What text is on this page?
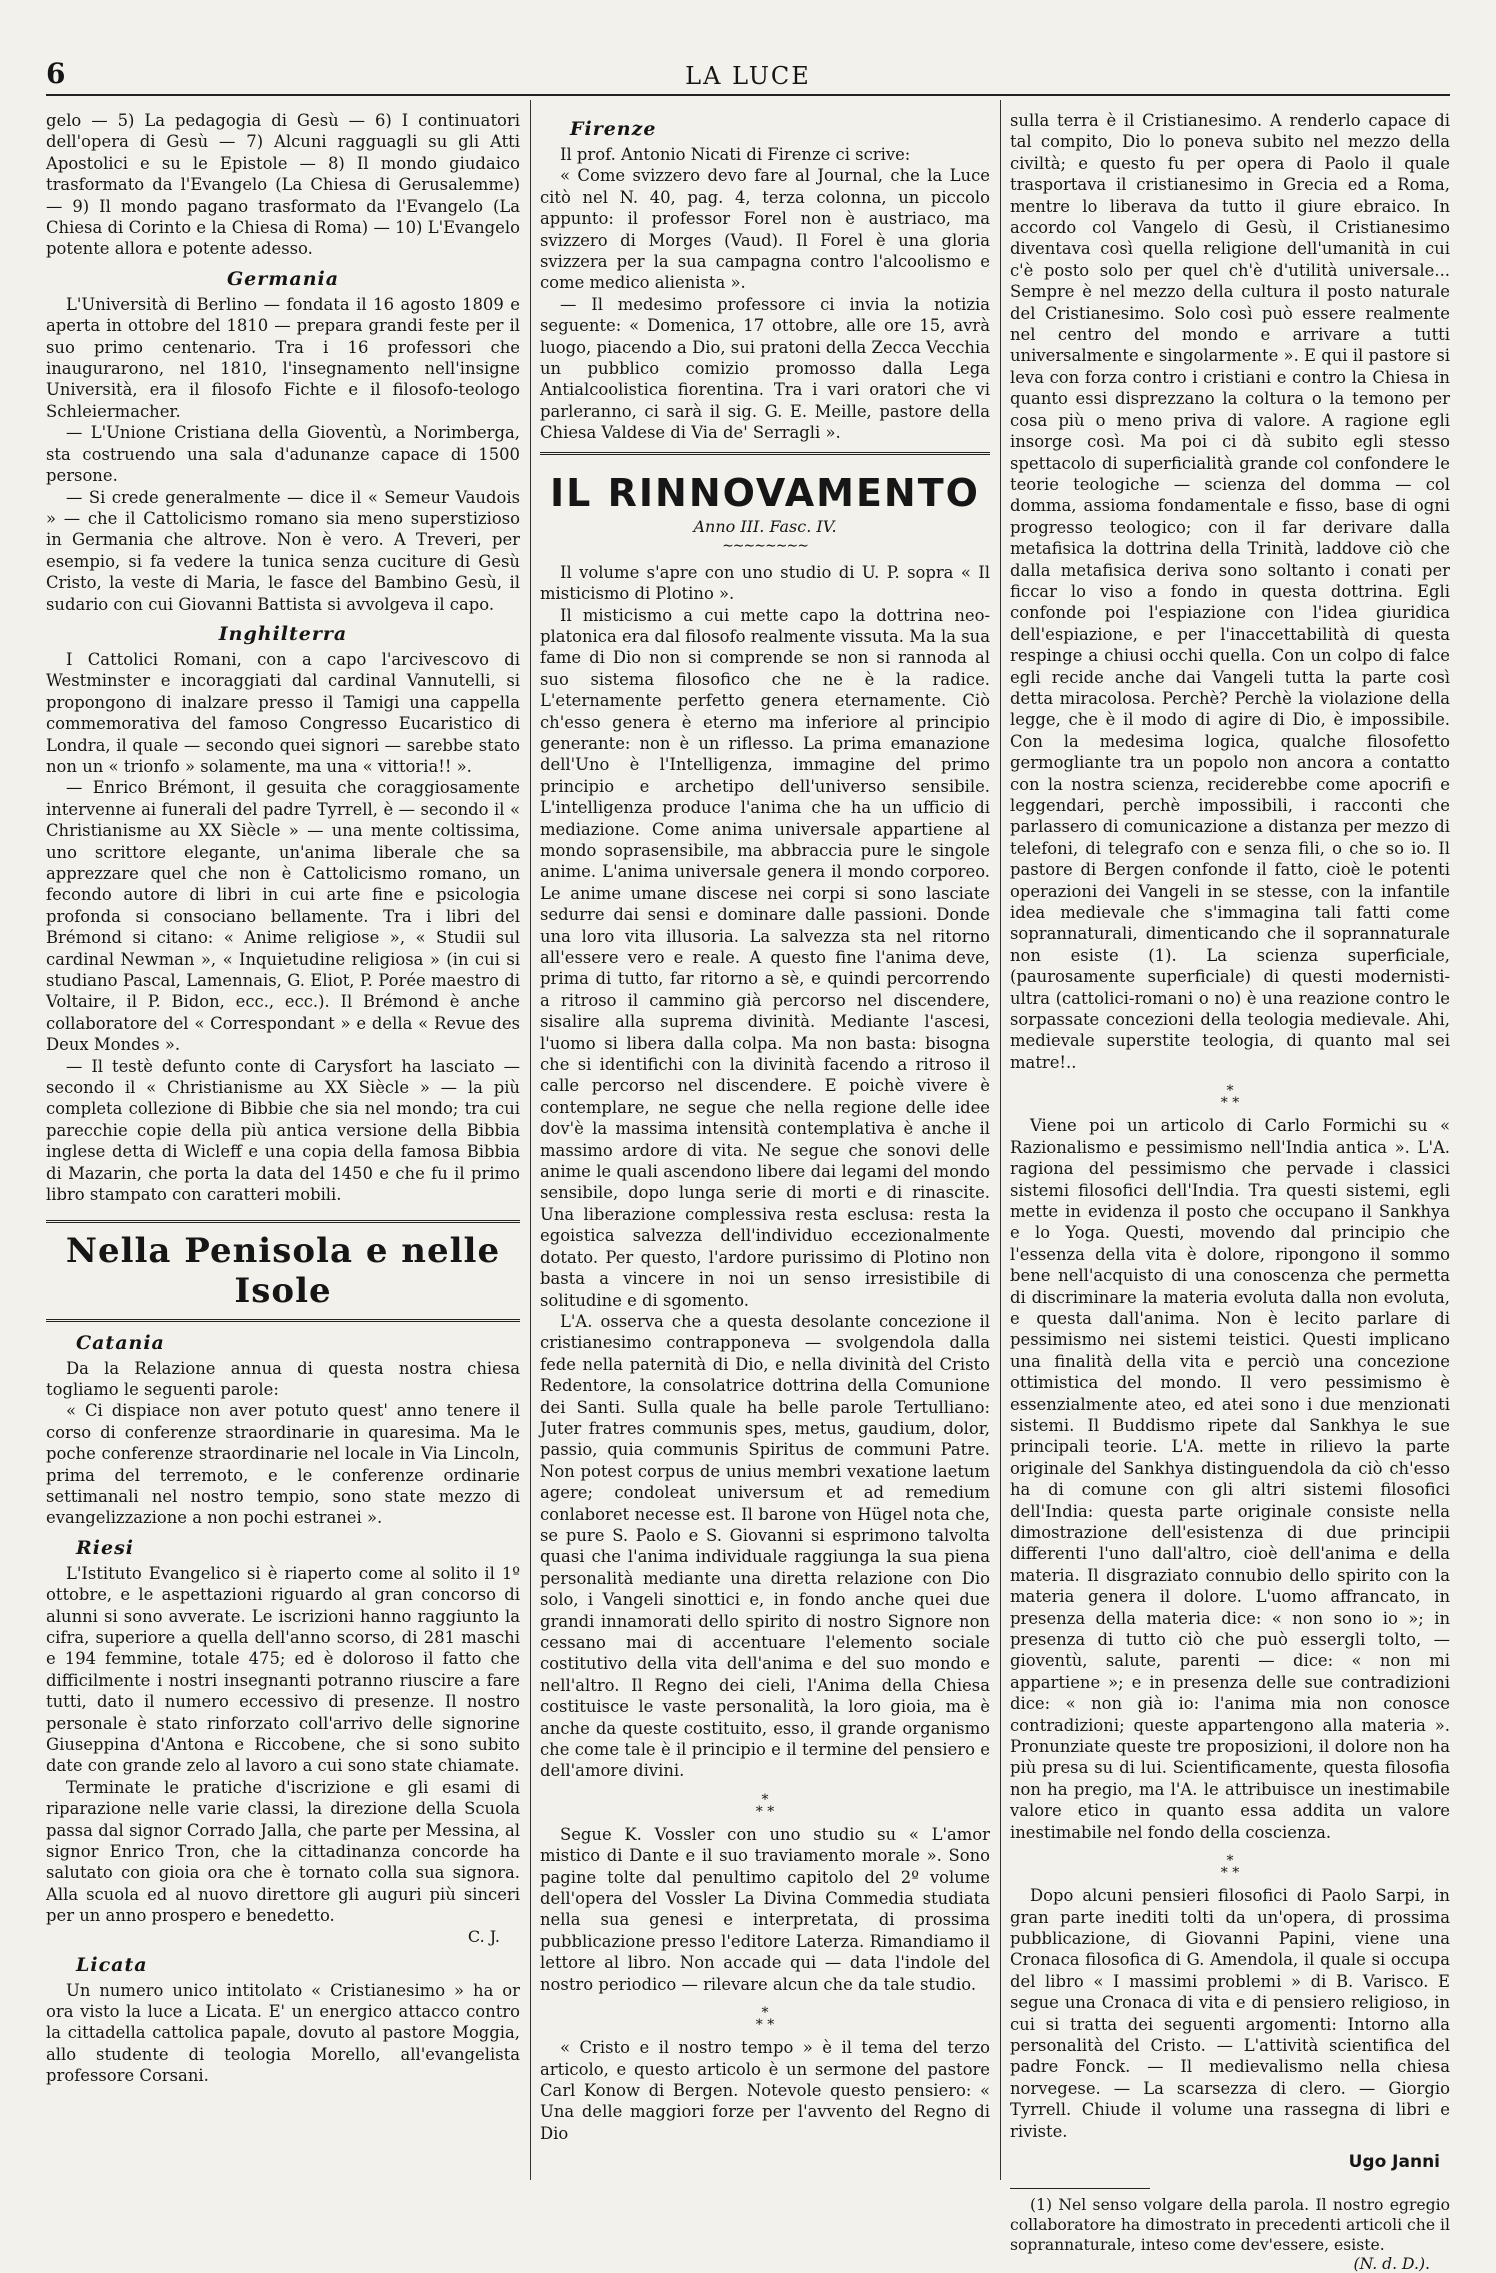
6	LA LUCE

gelo — 5) La pedagogia di Gesù — 6) I continuatori dell'opera di Gesù — 7) Alcuni ragguagli su gli Atti Apostolici e su le Epistole — 8) Il mondo giudaico trasformato da l'Evangelo (La Chiesa di Gerusalemme) — 9) Il mondo pagano trasformato da l'Evangelo (La Chiesa di Corinto e la Chiesa di Roma) — 10) L'Evangelo potente allora e potente adesso.

Germania

L'Università di Berlino — fondata il 16 agosto 1809 e aperta in ottobre del 1810 — prepara grandi feste per il suo primo centenario. Tra i 16 professori che inaugurarono, nel 1810, l'insegnamento nell'insigne Università, era il filosofo Fichte e il filosofo-teologo Schleiermacher.

— L'Unione Cristiana della Gioventù, a Norimberga, sta costruendo una sala d'adunanze capace di 1500 persone.

— Si crede generalmente — dice il « Semeur Vaudois » — che il Cattolicismo romano sia meno superstizioso in Germania che altrove. Non è vero. A Treveri, per esempio, si fa vedere la tunica senza cuciture di Gesù Cristo, la veste di Maria, le fasce del Bambino Gesù, il sudario con cui Giovanni Battista si avvolgeva il capo.

Inghilterra

I Cattolici Romani, con a capo l'arcivescovo di Westminster e incoraggiati dal cardinal Vannutelli, si propongono di inalzare presso il Tamigi una cappella commemorativa del famoso Congresso Eucaristico di Londra, il quale — secondo quei signori — sarebbe stato non un « trionfo » solamente, ma una « vittoria!! ».

— Enrico Brémont, il gesuita che coraggiosamente intervenne ai funerali del padre Tyrrell, è — secondo il « Christianisme au XX Siècle » — una mente coltissima, uno scrittore elegante, un'anima liberale che sa apprezzare quel che non è Cattolicismo romano, un fecondo autore di libri in cui arte fine e psicologia profonda si consociano bellamente. Tra i libri del Brémond si citano: « Anime religiose », « Studii sul cardinal Newman », « Inquietudine religiosa » (in cui si studiano Pascal, Lamennais, G. Eliot, P. Porée maestro di Voltaire, il P. Bidon, ecc., ecc.). Il Brémond è anche collaboratore del « Correspondant » e della « Revue des Deux Mondes ».

— Il testè defunto conte di Carysfort ha lasciato — secondo il « Christianisme au XX Siècle » — la più completa collezione di Bibbie che sia nel mondo; tra cui parecchie copie della più antica versione della Bibbia inglese detta di Wicleff e una copia della famosa Bibbia di Mazarin, che porta la data del 1450 e che fu il primo libro stampato con caratteri mobili.

Nella Penisola e nelle Isole
Catania

Da la Relazione annua di questa nostra chiesa togliamo le seguenti parole:

« Ci dispiace non aver potuto quest' anno tenere il corso di conferenze straordinarie in quaresima. Ma le poche conferenze straordinarie nel locale in Via Lincoln, prima del terremoto, e le conferenze ordinarie settimanali nel nostro tempio, sono state mezzo di evangelizzazione a non pochi estranei ».

Riesi

L'Istituto Evangelico si è riaperto come al solito il 1º ottobre, e le aspettazioni riguardo al gran concorso di alunni si sono avverate. Le iscrizioni hanno raggiunto la cifra, superiore a quella dell'anno scorso, di 281 maschi e 194 femmine, totale 475; ed è doloroso il fatto che difficilmente i nostri insegnanti potranno riuscire a fare tutti, dato il numero eccessivo di presenze. Il nostro personale è stato rinforzato coll'arrivo delle signorine Giuseppina d'Antona e Riccobene, che si sono subito date con grande zelo al lavoro a cui sono state chiamate.

Terminate le pratiche d'iscrizione e gli esami di riparazione nelle varie classi, la direzione della Scuola passa dal signor Corrado Jalla, che parte per Messina, al signor Enrico Tron, che la cittadinanza concorde ha salutato con gioia ora che è tornato colla sua signora. Alla scuola ed al nuovo direttore gli auguri più sinceri per un anno prospero e benedetto.

C. J.
Licata

Un numero unico intitolato « Cristianesimo » ha or ora visto la luce a Licata. E' un energico attacco contro la cittadella cattolica papale, dovuto al pastore Moggia, allo studente di teologia Morello, all'evangelista professore Corsani.

Firenze

Il prof. Antonio Nicati di Firenze ci scrive:

« Come svizzero devo fare al Journal, che la Luce citò nel N. 40, pag. 4, terza colonna, un piccolo appunto: il professor Forel non è austriaco, ma svizzero di Morges (Vaud). Il Forel è una gloria svizzera per la sua campagna contro l'alcoolismo e come medico alienista ».

— Il medesimo professore ci invia la notizia seguente: « Domenica, 17 ottobre, alle ore 15, avrà luogo, piacendo a Dio, sui pratoni della Zecca Vecchia un pubblico comizio promosso dalla Lega Antialcoolistica fiorentina. Tra i vari oratori che vi parleranno, ci sarà il sig. G. E. Meille, pastore della Chiesa Valdese di Via de' Serragli ».

IL RINNOVAMENTO
Anno III. Fasc. IV.
∼∼∼∼∼∼∼∼

Il volume s'apre con uno studio di U. P. sopra « Il misticismo di Plotino ».

Il misticismo a cui mette capo la dottrina neo-platonica era dal filosofo realmente vissuta. Ma la sua fame di Dio non si comprende se non si rannoda al suo sistema filosofico che ne è la radice. L'eternamente perfetto genera eternamente. Ciò ch'esso genera è eterno ma inferiore al principio generante: non è un riflesso. La prima emanazione dell'Uno è l'Intelligenza, immagine del primo principio e archetipo dell'universo sensibile. L'intelligenza produce l'anima che ha un ufficio di mediazione. Come anima universale appartiene al mondo soprasensibile, ma abbraccia pure le singole anime. L'anima universale genera il mondo corporeo. Le anime umane discese nei corpi si sono lasciate sedurre dai sensi e dominare dalle passioni. Donde una loro vita illusoria. La salvezza sta nel ritorno all'essere vero e reale. A questo fine l'anima deve, prima di tutto, far ritorno a sè, e quindi percorrendo a ritroso il cammino già percorso nel discendere, sisalire alla suprema divinità. Mediante l'ascesi, l'uomo si libera dalla colpa. Ma non basta: bisogna che si identifichi con la divinità facendo a ritroso il calle percorso nel discendere. E poichè vivere è contemplare, ne segue che nella regione delle idee dov'è la massima intensità contemplativa è anche il massimo ardore di vita. Ne segue che sonovi delle anime le quali ascendono libere dai legami del mondo sensibile, dopo lunga serie di morti e di rinascite. Una liberazione complessiva resta esclusa: resta la egoistica salvezza dell'individuo eccezionalmente dotato. Per questo, l'ardore purissimo di Plotino non basta a vincere in noi un senso irresistibile di solitudine e di sgomento.

L'A. osserva che a questa desolante concezione il cristianesimo contrapponeva — svolgendola dalla fede nella paternità di Dio, e nella divinità del Cristo Redentore, la consolatrice dottrina della Comunione dei Santi. Sulla quale ha belle parole Tertulliano: Juter fratres communis spes, metus, gaudium, dolor, passio, quia communis Spiritus de communi Patre. Non potest corpus de unius membri vexatione laetum agere; condoleat universum et ad remedium conlaboret necesse est. Il barone von Hügel nota che, se pure S. Paolo e S. Giovanni si esprimono talvolta quasi che l'anima individuale raggiunga la sua piena personalità mediante una diretta relazione con Dio solo, i Vangeli sinottici e, in fondo anche quei due grandi innamorati dello spirito di nostro Signore non cessano mai di accentuare l'elemento sociale costitutivo della vita dell'anima e del suo mondo e nell'altro. Il Regno dei cieli, l'Anima della Chiesa costituisce le vaste personalità, la loro gioia, ma è anche da queste costituito, esso, il grande organismo che come tale è il principio e il termine del pensiero e dell'amore divini.

*
* *

Segue K. Vossler con uno studio su « L'amor mistico di Dante e il suo traviamento morale ». Sono pagine tolte dal penultimo capitolo del 2º volume dell'opera del Vossler La Divina Commedia studiata nella sua genesi e interpretata, di prossima pubblicazione presso l'editore Laterza. Rimandiamo il lettore al libro. Non accade qui — data l'indole del nostro periodico — rilevare alcun che da tale studio.

*
* *

« Cristo e il nostro tempo » è il tema del terzo articolo, e questo articolo è un sermone del pastore Carl Konow di Bergen. Notevole questo pensiero: « Una delle maggiori forze per l'avvento del Regno di Dio

sulla terra è il Cristianesimo. A renderlo capace di tal compito, Dio lo poneva subito nel mezzo della civiltà; e questo fu per opera di Paolo il quale trasportava il cristianesimo in Grecia ed a Roma, mentre lo liberava da tutto il giure ebraico. In accordo col Vangelo di Gesù, il Cristianesimo diventava così quella religione dell'umanità in cui c'è posto solo per quel ch'è d'utilità universale... Sempre è nel mezzo della cultura il posto naturale del Cristianesimo. Solo così può essere realmente nel centro del mondo e arrivare a tutti universalmente e singolarmente ». E qui il pastore si leva con forza contro i cristiani e contro la Chiesa in quanto essi disprezzano la coltura o la temono per cosa più o meno priva di valore. A ragione egli insorge così. Ma poi ci dà subito egli stesso spettacolo di superficialità grande col confondere le teorie teologiche — scienza del domma — col domma, assioma fondamentale e fisso, base di ogni progresso teologico; con il far derivare dalla metafisica la dottrina della Trinità, laddove ciò che dalla metafisica deriva sono soltanto i conati per ficcar lo viso a fondo in questa dottrina. Egli confonde poi l'espiazione con l'idea giuridica dell'espiazione, e per l'inaccettabilità di questa respinge a chiusi occhi quella. Con un colpo di falce egli recide anche dai Vangeli tutta la parte così detta miracolosa. Perchè? Perchè la violazione della legge, che è il modo di agire di Dio, è impossibile. Con la medesima logica, qualche filosofetto germogliante tra un popolo non ancora a contatto con la nostra scienza, reciderebbe come apocrifi e leggendari, perchè impossibili, i racconti che parlassero di comunicazione a distanza per mezzo di telefoni, di telegrafo con e senza fili, o che so io. Il pastore di Bergen confonde il fatto, cioè le potenti operazioni dei Vangeli in se stesse, con la infantile idea medievale che s'immagina tali fatti come soprannaturali, dimenticando che il soprannaturale non esiste (1). La scienza superficiale, (paurosamente superficiale) di questi modernisti-ultra (cattolici-romani o no) è una reazione contro le sorpassate concezioni della teologia medievale. Ahi, medievale superstite teologia, di quanto mal sei matre!..

*
* *

Viene poi un articolo di Carlo Formichi su « Razionalismo e pessimismo nell'India antica ». L'A. ragiona del pessimismo che pervade i classici sistemi filosofici dell'India. Tra questi sistemi, egli mette in evidenza il posto che occupano il Sankhya e lo Yoga. Questi, movendo dal principio che l'essenza della vita è dolore, ripongono il sommo bene nell'acquisto di una conoscenza che permetta di discriminare la materia evoluta dalla non evoluta, e questa dall'anima. Non è lecito parlare di pessimismo nei sistemi teistici. Questi implicano una finalità della vita e perciò una concezione ottimistica del mondo. Il vero pessimismo è essenzialmente ateo, ed atei sono i due menzionati sistemi. Il Buddismo ripete dal Sankhya le sue principali teorie. L'A. mette in rilievo la parte originale del Sankhya distinguendola da ciò ch'esso ha di comune con gli altri sistemi filosofici dell'India: questa parte originale consiste nella dimostrazione dell'esistenza di due principii differenti l'uno dall'altro, cioè dell'anima e della materia. Il disgraziato connubio dello spirito con la materia genera il dolore. L'uomo affrancato, in presenza della materia dice: « non sono io »; in presenza di tutto ciò che può essergli tolto, — gioventù, salute, parenti — dice: « non mi appartiene »; e in presenza delle sue contradizioni dice: « non già io: l'anima mia non conosce contradizioni; queste appartengono alla materia ». Pronunziate queste tre proposizioni, il dolore non ha più presa su di lui. Scientificamente, questa filosofia non ha pregio, ma l'A. le attribuisce un inestimabile valore etico in quanto essa addita un valore inestimabile nel fondo della coscienza.

*
* *

Dopo alcuni pensieri filosofici di Paolo Sarpi, in gran parte inediti tolti da un'opera, di prossima pubblicazione, di Giovanni Papini, viene una Cronaca filosofica di G. Amendola, il quale si occupa del libro « I massimi problemi » di B. Varisco. E segue una Cronaca di vita e di pensiero religioso, in cui si tratta dei seguenti argomenti: Intorno alla personalità del Cristo. — L'attività scientifica del padre Fonck. — Il medievalismo nella chiesa norvegese. — La scarsezza di clero. — Giorgio Tyrrell. Chiude il volume una rassegna di libri e riviste.

Ugo Janni

(1) Nel senso volgare della parola. Il nostro egregio collaboratore ha dimostrato in precedenti articoli che il soprannaturale, inteso come dev'essere, esiste.

(N. d. D.).
